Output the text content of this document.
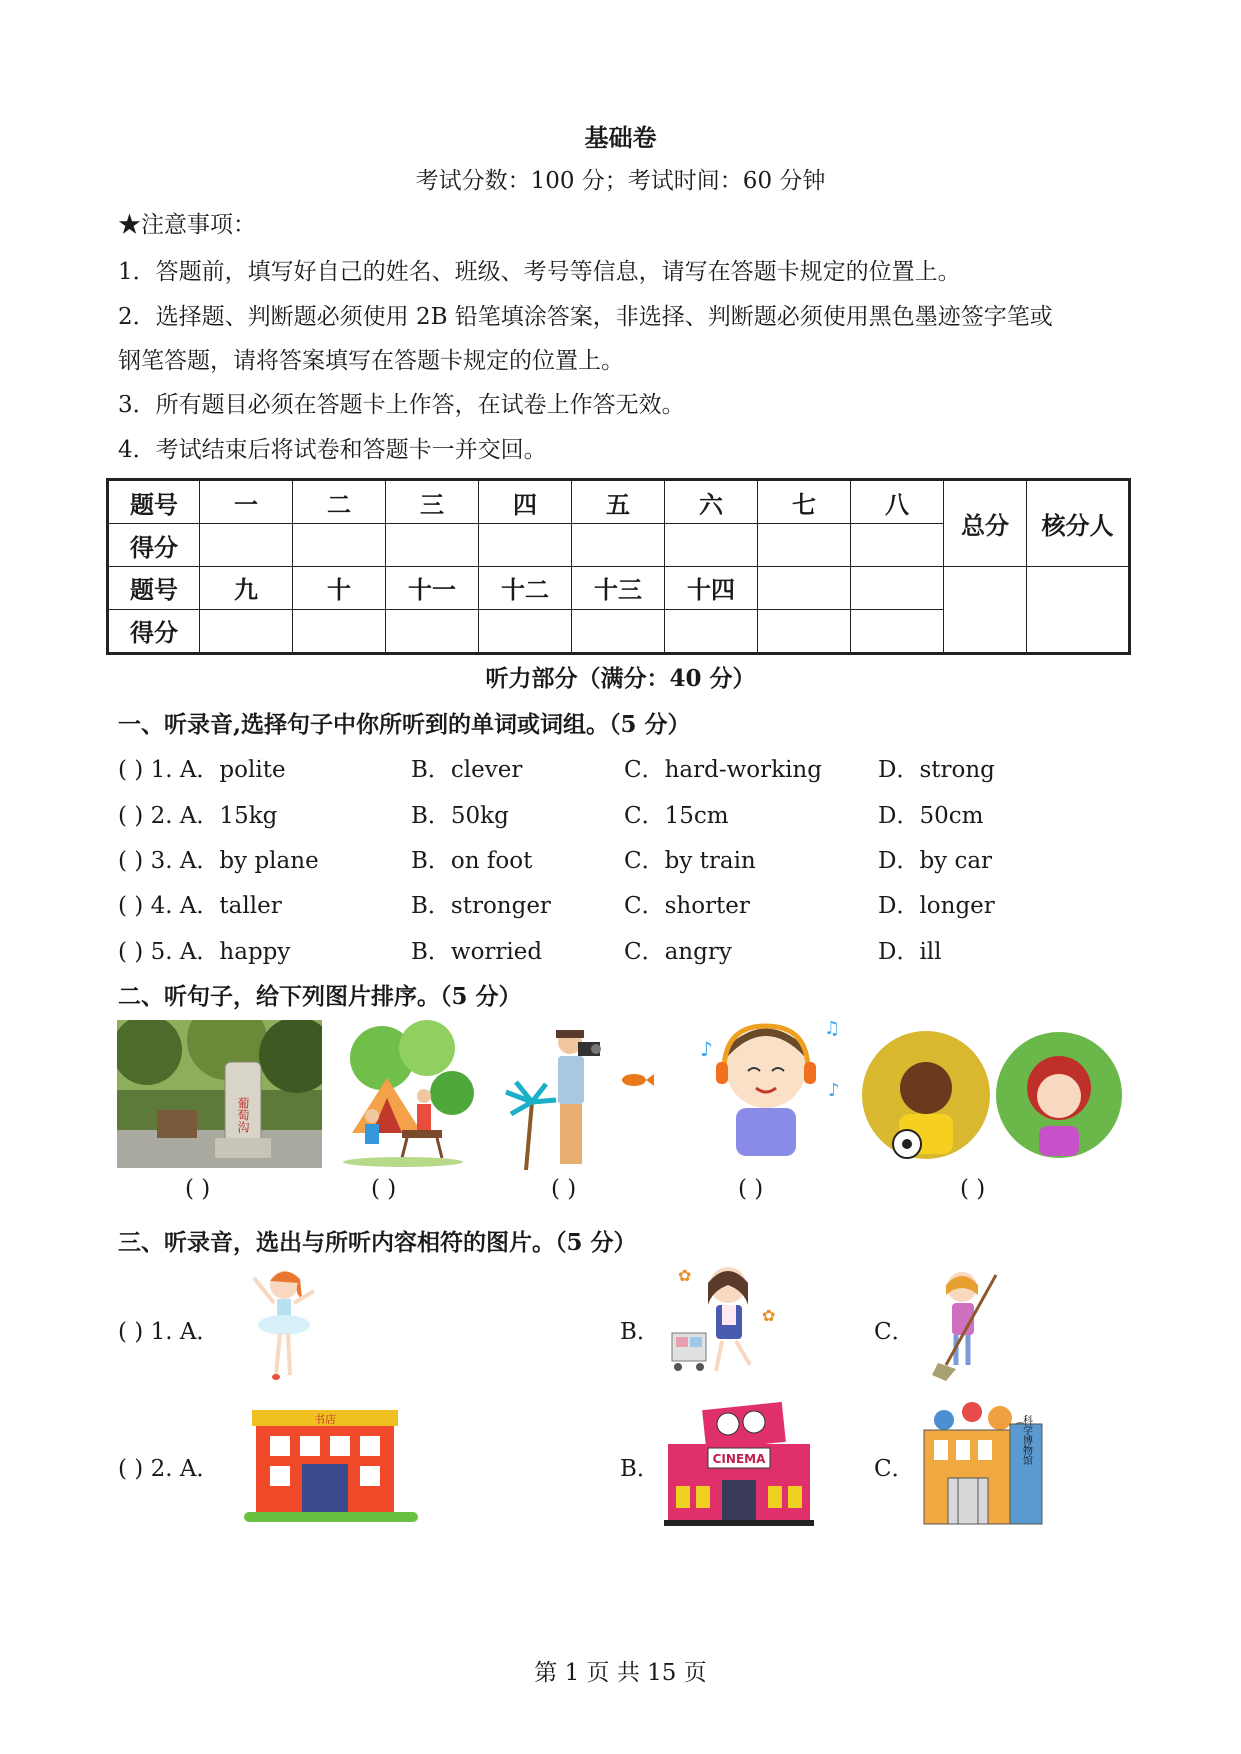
基础卷
考试分数：100 分；考试时间：60 分钟
★注意事项：
1．答题前，填写好自己的姓名、班级、考号等信息，请写在答题卡规定的位置上。
2．选择题、判断题必须使用 2B 铅笔填涂答案，非选择、判断题必须使用黑色墨迹签字笔或
钢笔答题，请将答案填写在答题卡规定的位置上。
3．所有题目必须在答题卡上作答，在试卷上作答无效。
4．考试结束后将试卷和答题卡一并交回。
题号	一	二	三	四	五	六	七	八	总分	核分人
得分										
题号	九	十	十一	十二	十三	十四				
得分										
听力部分（满分：40 分）
一、听录音,选择句子中你所听到的单词或词组。（5 分）
( ) 1. A．polite	B．clever	C．hard-working D．strong
( ) 2. A．15kg	B．50kg	C．15cm	D．50cm
( ) 3. A．by plane	B．on foot	C．by train	D．by car
( ) 4. A．taller	B．stronger	C．shorter	D．longer
( ) 5. A．happy	B．worried	C．angry	D．ill
二、听句子，给下列图片排序。（5 分）
葡萄沟
♪
♫
♪
( )	( )	( )	( )	( )
三、听录音，选出与所听内容相符的图片。（5 分）
( ) 1. A．	B．
✿
✿
C．
( ) 2. A．
书店
B．	CINEMA	C．
科学博物馆
第 1 页 共 15 页
